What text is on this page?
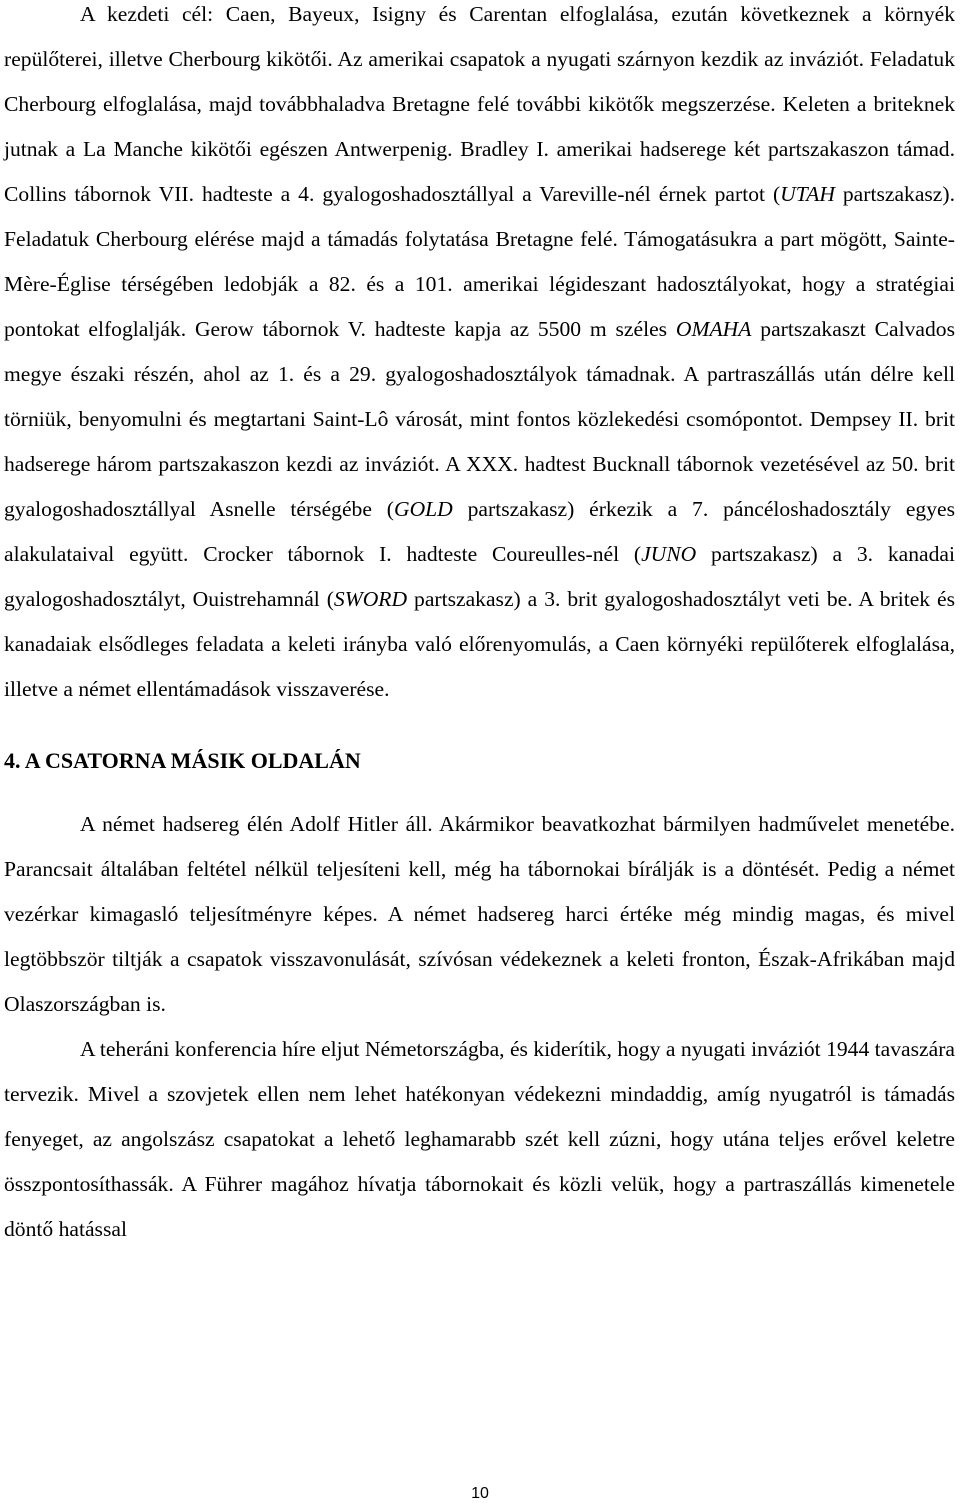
A kezdeti cél: Caen, Bayeux, Isigny és Carentan elfoglalása, ezután következnek a környék repülőterei, illetve Cherbourg kikötői. Az amerikai csapatok a nyugati szárnyon kezdik az inváziót. Feladatuk Cherbourg elfoglalása, majd továbbhaladva Bretagne felé további kikötők megszerzése. Keleten a briteknek jutnak a La Manche kikötői egészen Antwerpenig. Bradley I. amerikai hadserege két partszakaszon támad. Collins tábornok VII. hadteste a 4. gyalogoshadosztállyal a Vareville-nél érnek partot (UTAH partszakasz). Feladatuk Cherbourg elérése majd a támadás folytatása Bretagne felé. Támogatásukra a part mögött, Sainte-Mère-Église térségében ledobják a 82. és a 101. amerikai légideszant hadosztályokat, hogy a stratégiai pontokat elfoglalják. Gerow tábornok V. hadteste kapja az 5500 m széles OMAHA partszakaszt Calvados megye északi részén, ahol az 1. és a 29. gyalogoshadosztályok támadnak. A partraszállás után délre kell törniük, benyomulni és megtartani Saint-Lô városát, mint fontos közlekedési csomópontot. Dempsey II. brit hadserege három partszakaszon kezdi az inváziót. A XXX. hadtest Bucknall tábornok vezetésével az 50. brit gyalogoshadosztállyal Asnelle térségébe (GOLD partszakasz) érkezik a 7. páncéloshadosztály egyes alakulataival együtt. Crocker tábornok I. hadteste Coureulles-nél (JUNO partszakasz) a 3. kanadai gyalogoshadosztályt, Ouistrehamnál (SWORD partszakasz) a 3. brit gyalogoshadosztályt veti be. A britek és kanadaiak elsődleges feladata a keleti irányba való előrenyomulás, a Caen környéki repülőterek elfoglalása, illetve a német ellentámadások visszaverése.

4. A CSATORNA MÁSIK OLDALÁN

A német hadsereg élén Adolf Hitler áll. Akármikor beavatkozhat bármilyen hadművelet menetébe. Parancsait általában feltétel nélkül teljesíteni kell, még ha tábornokai bírálják is a döntését. Pedig a német vezérkar kimagasló teljesítményre képes. A német hadsereg harci értéke még mindig magas, és mivel legtöbbször tiltják a csapatok visszavonulását, szívósan védekeznek a keleti fronton, Észak-Afrikában majd Olaszországban is.

A teheráni konferencia híre eljut Németországba, és kiderítik, hogy a nyugati inváziót 1944 tavaszára tervezik. Mivel a szovjetek ellen nem lehet hatékonyan védekezni mindaddig, amíg nyugatról is támadás fenyeget, az angolszász csapatokat a lehető leghamarabb szét kell zúzni, hogy utána teljes erővel keletre összpontosíthassák. A Führer magához hívatja tábornokait és közli velük, hogy a partraszállás kimenetele döntő hatással

10
